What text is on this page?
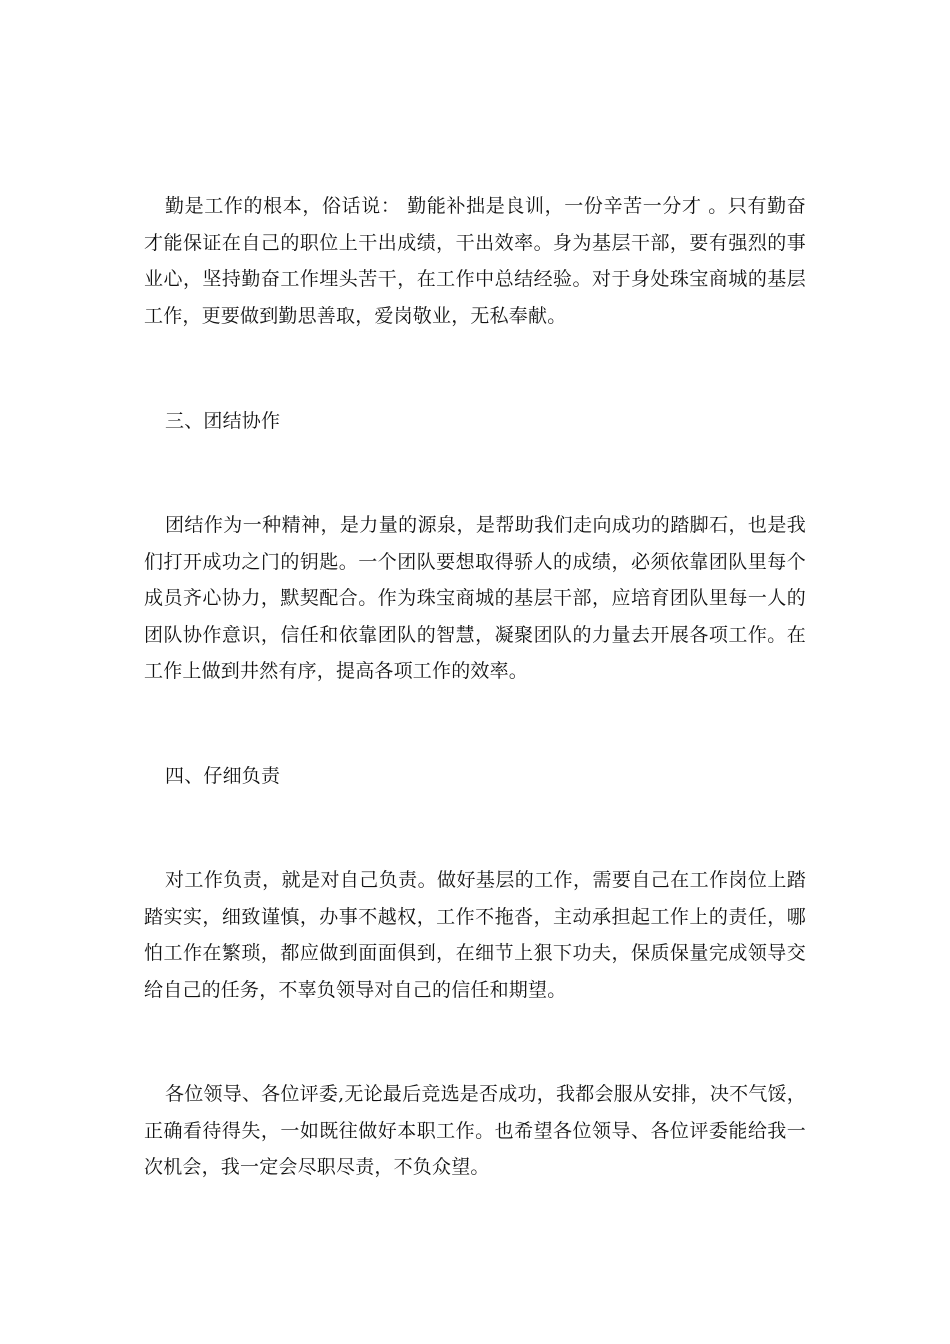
勤是工作的根本，俗话说： 勤能补拙是良训，一份辛苦一分才 。只有勤奋才能保证在自己的职位上干出成绩，干出效率。身为基层干部，要有强烈的事业心，坚持勤奋工作埋头苦干，在工作中总结经验。对于身处珠宝商城的基层工作，更要做到勤思善取，爱岗敬业，无私奉献。

三、团结协作

团结作为一种精神，是力量的源泉，是帮助我们走向成功的踏脚石，也是我们打开成功之门的钥匙。一个团队要想取得骄人的成绩，必须依靠团队里每个成员齐心协力，默契配合。作为珠宝商城的基层干部，应培育团队里每一人的团队协作意识，信任和依靠团队的智慧，凝聚团队的力量去开展各项工作。在工作上做到井然有序，提高各项工作的效率。

四、仔细负责

对工作负责，就是对自己负责。做好基层的工作，需要自己在工作岗位上踏踏实实，细致谨慎，办事不越权，工作不拖沓，主动承担起工作上的责任，哪怕工作在繁琐，都应做到面面俱到，在细节上狠下功夫，保质保量完成领导交给自己的任务，不辜负领导对自己的信任和期望。

各位领导、各位评委,无论最后竞选是否成功，我都会服从安排，决不气馁，正确看待得失，一如既往做好本职工作。也希望各位领导、各位评委能给我一次机会，我一定会尽职尽责，不负众望。
